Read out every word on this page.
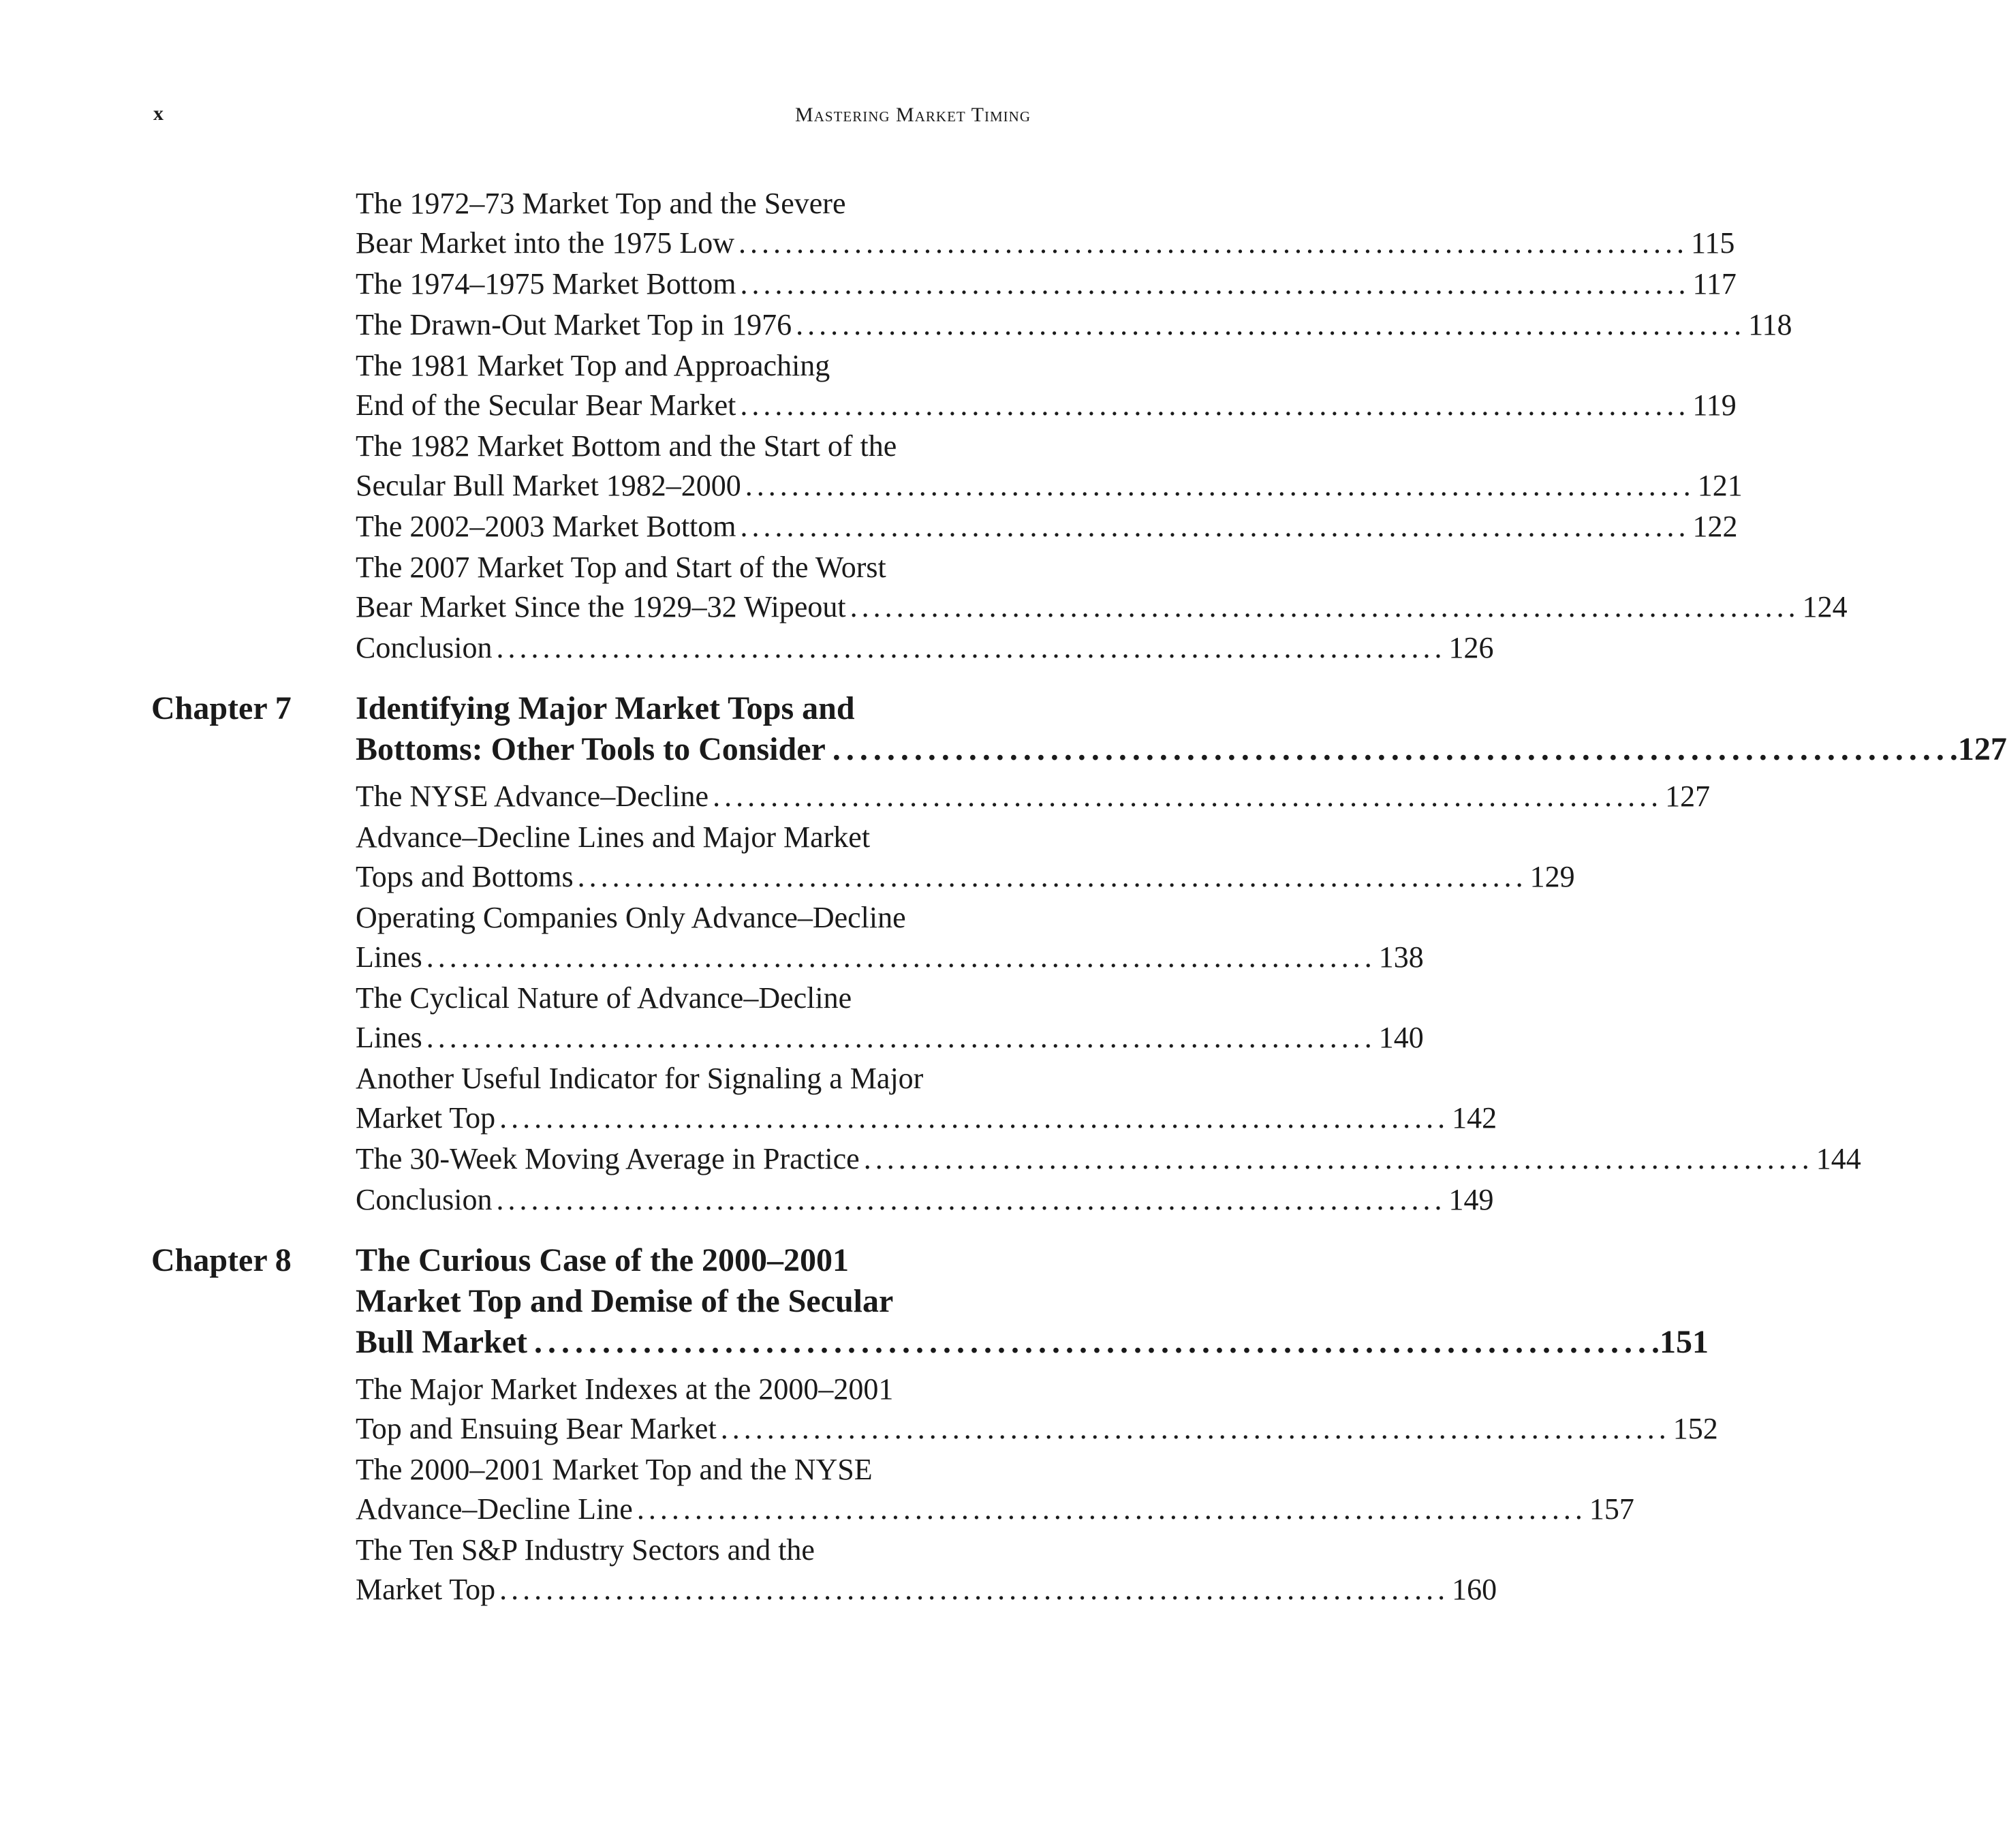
x	Mastering Market Timing
The 1972–73 Market Top and the Severe
Bear Market into the 1975 Low .................................................................................. 115
The 1974–1975 Market Bottom .................................................................................. 117
The Drawn-Out Market Top in 1976 .................................................................................. 118
The 1981 Market Top and Approaching
End of the Secular Bear Market .................................................................................. 119
The 1982 Market Bottom and the Start of the
Secular Bull Market 1982–2000 .................................................................................. 121
The 2002–2003 Market Bottom .................................................................................. 122
The 2007 Market Top and Start of the Worst
Bear Market Since the 1929–32 Wipeout .................................................................................. 124
Conclusion .................................................................................. 126
Chapter 7 Identifying Major Market Tops and
Bottoms: Other Tools to Consider .................................................................................. .127
The NYSE Advance–Decline .................................................................................. 127
Advance–Decline Lines and Major Market
Tops and Bottoms .................................................................................. 129
Operating Companies Only Advance–Decline
Lines .................................................................................. 138
The Cyclical Nature of Advance–Decline
Lines .................................................................................. 140
Another Useful Indicator for Signaling a Major
Market Top .................................................................................. 142
The 30-Week Moving Average in Practice .................................................................................. 144
Conclusion .................................................................................. 149
Chapter 8 The Curious Case of the 2000–2001
Market Top and Demise of the Secular
Bull Market .................................................................................. .151
The Major Market Indexes at the 2000–2001
Top and Ensuing Bear Market .................................................................................. 152
The 2000–2001 Market Top and the NYSE
Advance–Decline Line .................................................................................. 157
The Ten S&P Industry Sectors and the
Market Top .................................................................................. 160
